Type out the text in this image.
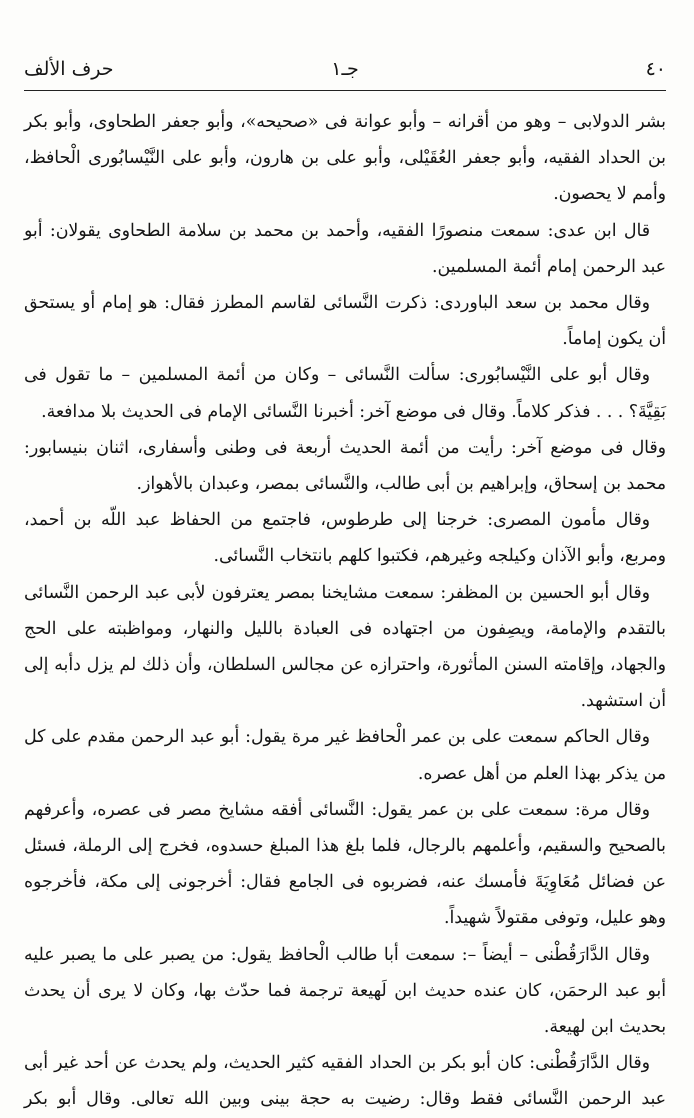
٤٠
جـ١
حرف الألف

بشر الدولابى – وهو من أقرانه – وأبو عوانة فى «صحيحه»، وأبو جعفر الطحاوى، وأبو بكر بن الحداد الفقيه، وأبو جعفر العُقَيْلى، وأبو على بن هارون، وأبو على النَّيْسابُورى الْحافظ، وأمم لا يحصون.

قال ابن عدى: سمعت منصورًا الفقيه، وأحمد بن محمد بن سلامة الطحاوى يقولان: أبو عبد الرحمن إمام أئمة المسلمين.

وقال محمد بن سعد الباوردى: ذكرت النَّسائى لقاسم المطرز فقال: هو إمام أو يستحق أن يكون إماماً.

وقال أبو على النَّيْسابُورى: سألت النَّسائى – وكان من أئمة المسلمين – ما تقول فى بَقِيَّةَ؟ . . . فذكر كلاماً. وقال فى موضع آخر: أخبرنا النَّسائى الإمام فى الحديث بلا مدافعة.

وقال فى موضع آخر: رأيت من أئمة الحديث أربعة فى وطنى وأسفارى، اثنان بنيسابور: محمد بن إسحاق، وإبراهيم بن أبى طالب، والنَّسائى بمصر، وعبدان بالأهواز.

وقال مأمون المصرى: خرجنا إلى طرطوس، فاجتمع من الحفاظ عبد اللّه بن أحمد، ومربع، وأبو الآذان وكيلجه وغيرهم، فكتبوا كلهم بانتخاب النَّسائى.

وقال أبو الحسين بن المظفر: سمعت مشايخنا بمصر يعترفون لأبى عبد الرحمن النَّسائى بالتقدم والإمامة، ويصِفون من اجتهاده فى العبادة بالليل والنهار، ومواظبته على الحج والجهاد، وإقامته السنن المأثورة، واحترازه عن مجالس السلطان، وأن ذلك لم يزل دأبه إلى أن استشهد.

وقال الحاكم سمعت على بن عمر الْحافظ غير مرة يقول: أبو عبد الرحمن مقدم على كل من يذكر بهذا العلم من أهل عصره.

وقال مرة: سمعت على بن عمر يقول: النَّسائى أفقه مشايخ مصر فى عصره، وأعرفهم بالصحيح والسقيم، وأعلمهم بالرجال، فلما بلغ هذا المبلغ حسدوه، فخرج إلى الرملة، فسئل عن فضائل مُعَاوِيَةَ فأمسك عنه، فضربوه فى الجامع فقال: أخرجونى إلى مكة، فأخرجوه وهو عليل، وتوفى مقتولاً شهيداً.

وقال الدَّارَقُطْنى – أيضاً –: سمعت أبا طالب الْحافظ يقول: من يصبر على ما يصبر عليه أبو عبد الرحمَن، كان عنده حديث ابن لَهيعة ترجمة فما حدّث بها، وكان لا يرى أن يحدث بحديث ابن لهيعة.

وقال الدَّارَقُطْنى: كان أبو بكر بن الحداد الفقيه كثير الحديث، ولم يحدث عن أحد غير أبى عبد الرحمن النَّسائى فقط وقال: رضيت به حجة بينى وبين الله تعالى. وقال أبو بكر
